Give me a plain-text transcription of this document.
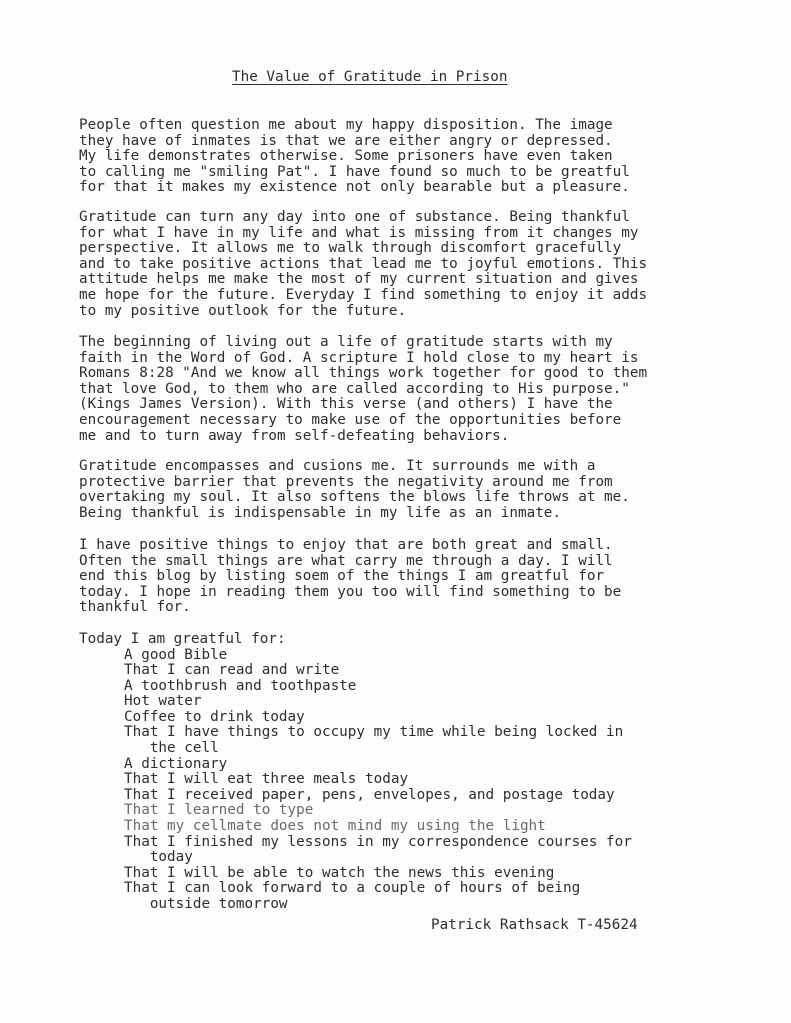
The Value of Gratitude in Prison

People often question me about my happy disposition. The image
they have of inmates is that we are either angry or depressed.
My life demonstrates otherwise. Some prisoners have even taken
to calling me "smiling Pat". I have found so much to be greatful
for that it makes my existence not only bearable but a pleasure.

Gratitude can turn any day into one of substance. Being thankful
for what I have in my life and what is missing from it changes my
perspective. It allows me to walk through discomfort gracefully
and to take positive actions that lead me to joyful emotions. This
attitude helps me make the most of my current situation and gives
me hope for the future. Everyday I find something to enjoy it adds
to my positive outlook for the future.

The beginning of living out a life of gratitude starts with my
faith in the Word of God. A scripture I hold close to my heart is
Romans 8:28 "And we know all things work together for good to them
that love God, to them who are called according to His purpose."
(Kings James Version). With this verse (and others) I have the
encouragement necessary to make use of the opportunities before
me and to turn away from self-defeating behaviors.

Gratitude encompasses and cusions me. It surrounds me with a
protective barrier that prevents the negativity around me from
overtaking my soul. It also softens the blows life throws at me.
Being thankful is indispensable in my life as an inmate.

I have positive things to enjoy that are both great and small.
Often the small things are what carry me through a day. I will
end this blog by listing soem of the things I am greatful for
today. I hope in reading them you too will find something to be
thankful for.

Today I am greatful for:

A good Bible
That I can read and write
A toothbrush and toothpaste
Hot water
Coffee to drink today
That I have things to occupy my time while being locked in
the cell
A dictionary
That I will eat three meals today
That I received paper, pens, envelopes, and postage today
That I learned to type
That my cellmate does not mind my using the light
That I finished my lessons in my correspondence courses for
today
That I will be able to watch the news this evening
That I can look forward to a couple of hours of being
outside tomorrow

Patrick Rathsack T-45624
